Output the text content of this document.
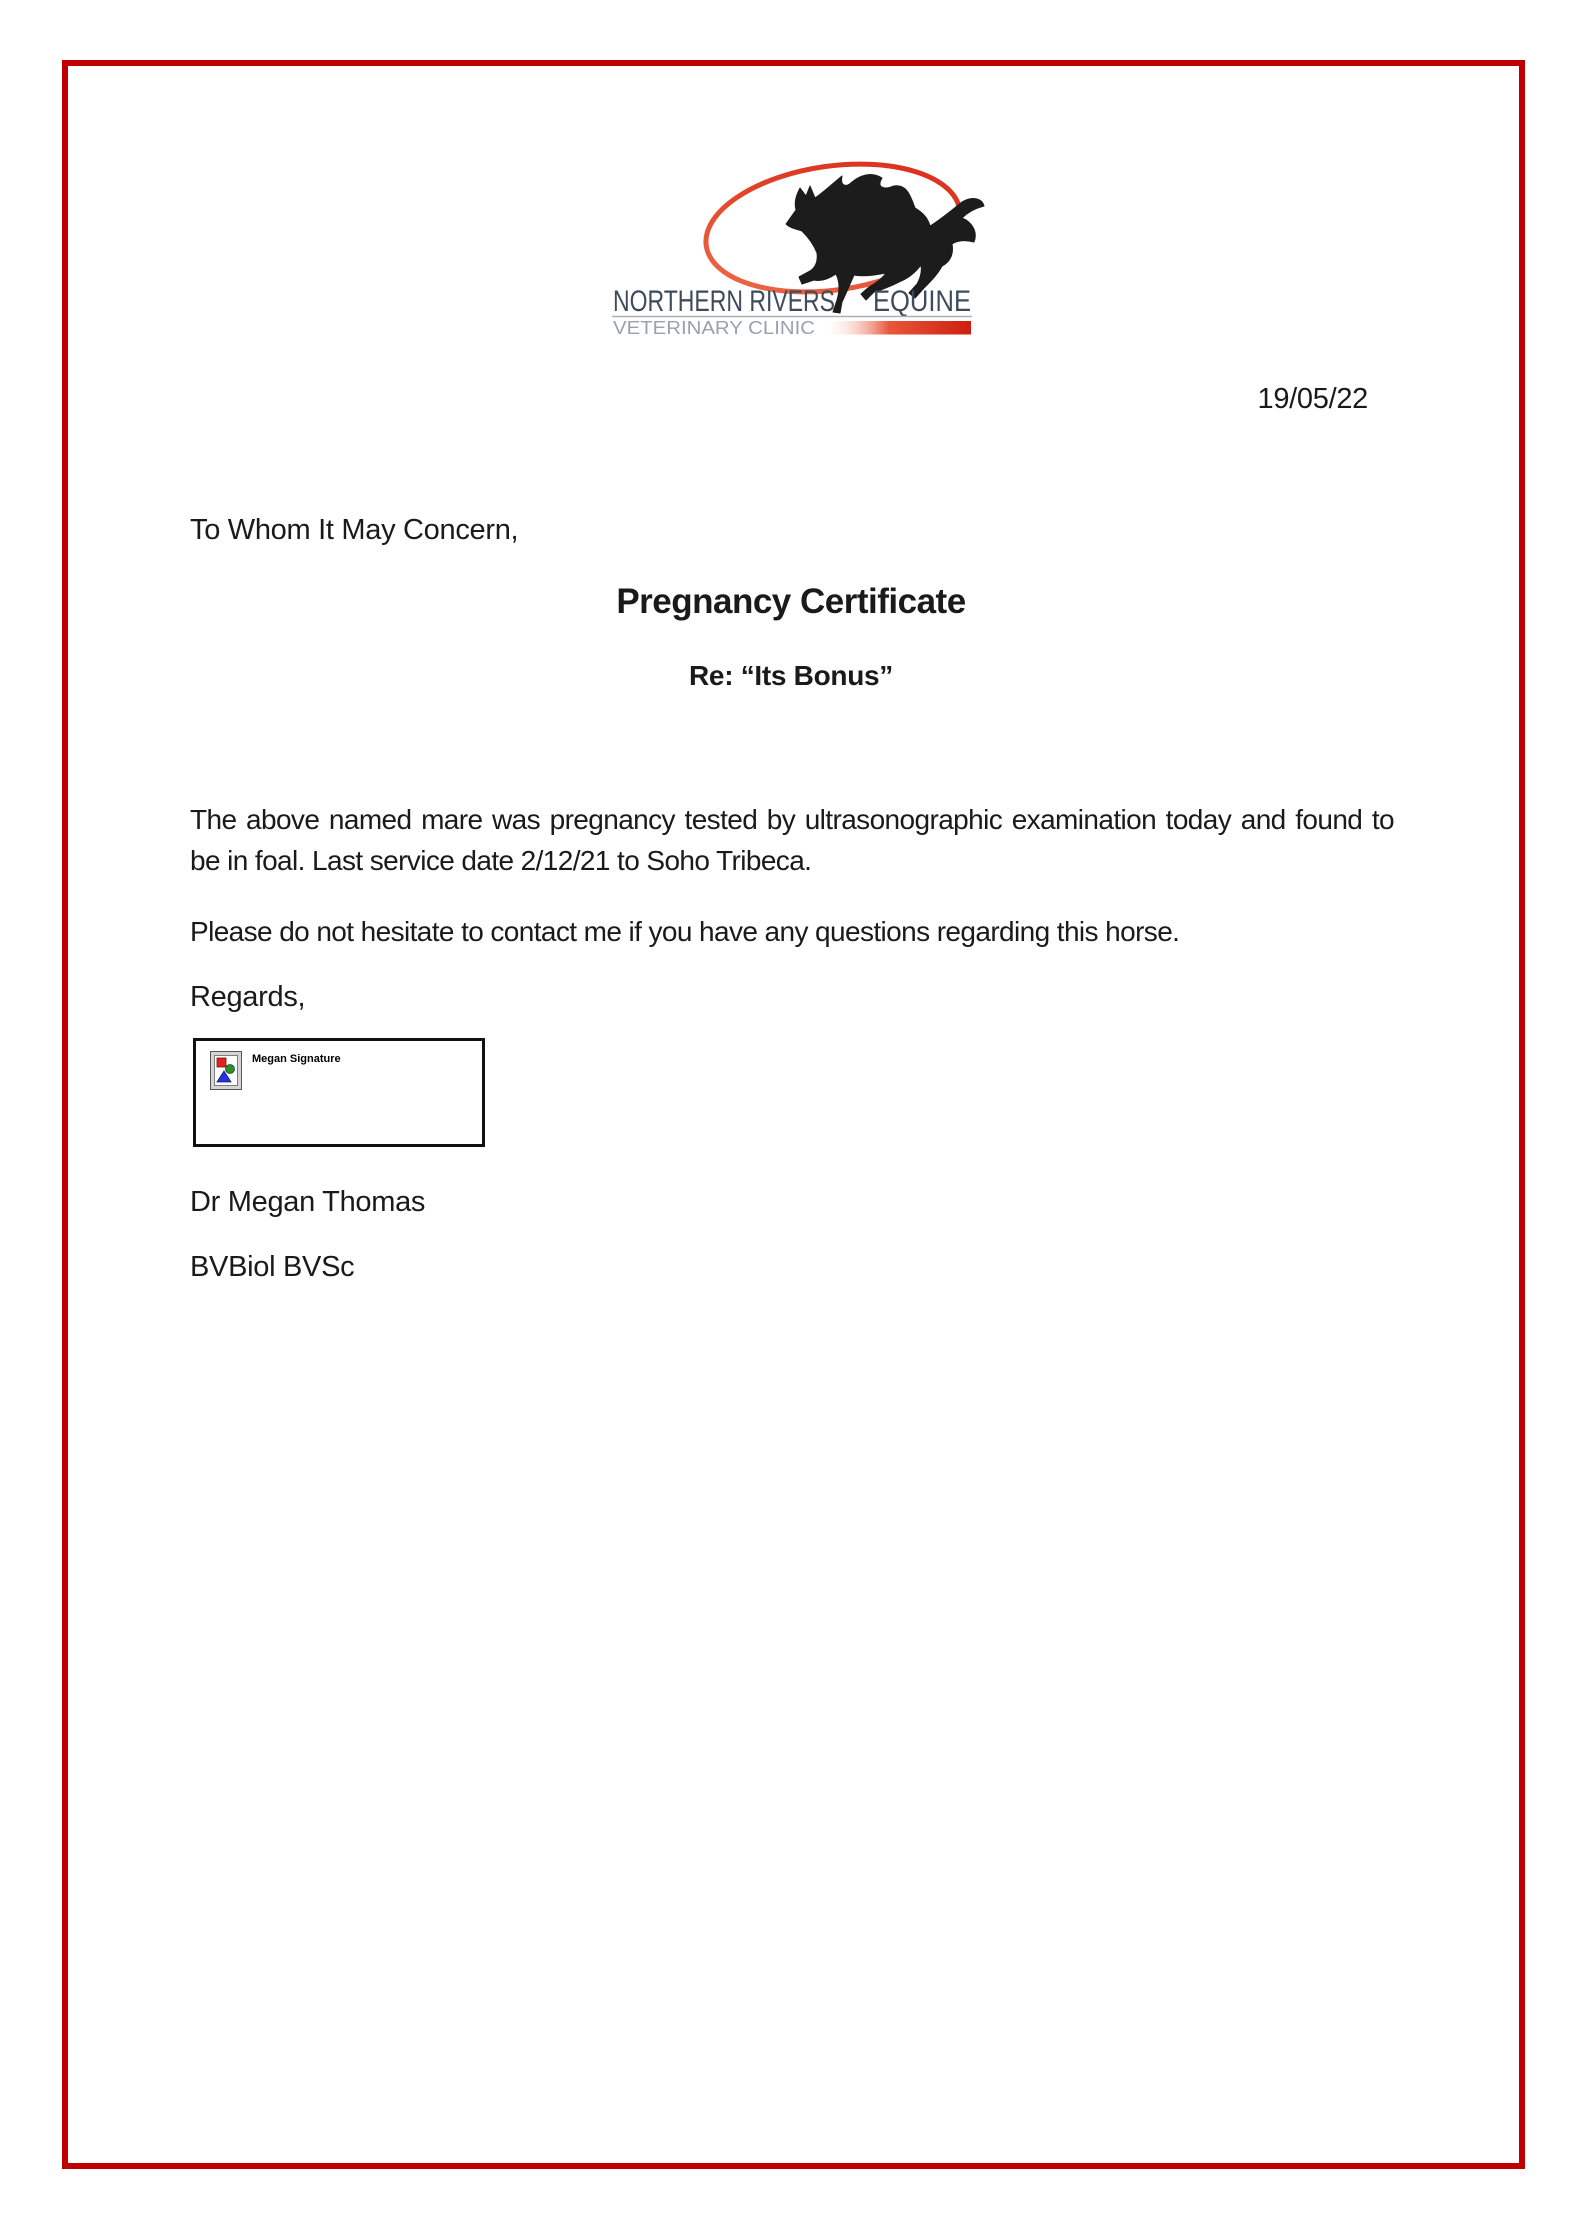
NORTHERN RIVERS EQUINE
VETERINARY CLINIC
19/05/22
To Whom It May Concern,
Pregnancy Certificate
Re: “Its Bonus”
The above named mare was pregnancy tested by ultrasonographic examination today and found to be in foal. Last service date 2/12/21 to Soho Tribeca.
Please do not hesitate to contact me if you have any questions regarding this horse.
Regards,
Megan Signature
Dr Megan Thomas
BVBiol BVSc
